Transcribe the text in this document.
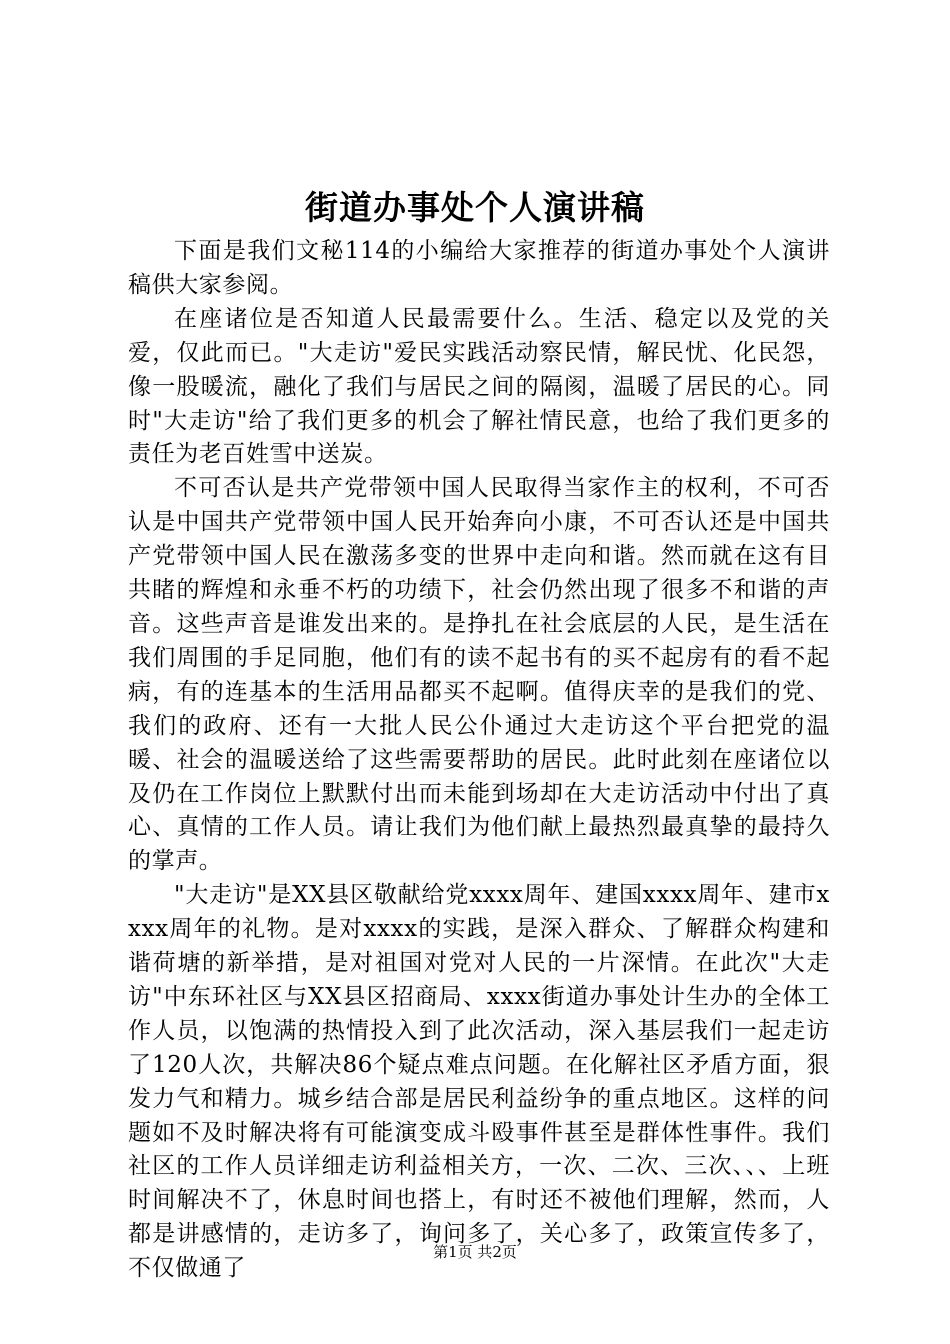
街道办事处个人演讲稿

下面是我们文秘114的小编给大家推荐的街道办事处个人演讲稿供大家参阅。

在座诸位是否知道人民最需要什么。生活、稳定以及党的关爱，仅此而已。"大走访"爱民实践活动察民情，解民忧、化民怨，像一股暖流，融化了我们与居民之间的隔阂，温暖了居民的心。同时"大走访"给了我们更多的机会了解社情民意，也给了我们更多的责任为老百姓雪中送炭。

不可否认是共产党带领中国人民取得当家作主的权利，不可否认是中国共产党带领中国人民开始奔向小康，不可否认还是中国共产党带领中国人民在激荡多变的世界中走向和谐。然而就在这有目共睹的辉煌和永垂不朽的功绩下，社会仍然出现了很多不和谐的声音。这些声音是谁发出来的。是挣扎在社会底层的人民，是生活在我们周围的手足同胞，他们有的读不起书有的买不起房有的看不起病，有的连基本的生活用品都买不起啊。值得庆幸的是我们的党、我们的政府、还有一大批人民公仆通过大走访这个平台把党的温暖、社会的温暖送给了这些需要帮助的居民。此时此刻在座诸位以及仍在工作岗位上默默付出而未能到场却在大走访活动中付出了真心、真情的工作人员。请让我们为他们献上最热烈最真挚的最持久的掌声。

"大走访"是XX县区敬献给党xxxx周年、建国xxxx周年、建市xxxx周年的礼物。是对xxxx的实践，是深入群众、了解群众构建和谐荷塘的新举措，是对祖国对党对人民的一片深情。在此次"大走访"中东环社区与XX县区招商局、xxxx街道办事处计生办的全体工作人员，以饱满的热情投入到了此次活动，深入基层我们一起走访了120人次，共解决86个疑点难点问题。在化解社区矛盾方面，狠发力气和精力。城乡结合部是居民利益纷争的重点地区。这样的问题如不及时解决将有可能演变成斗殴事件甚至是群体性事件。我们社区的工作人员详细走访利益相关方，一次、二次、三次、、、上班时间解决不了，休息时间也搭上，有时还不被他们理解，然而，人都是讲感情的，走访多了，询问多了，关心多了，政策宣传多了，不仅做通了

第1页 共2页
